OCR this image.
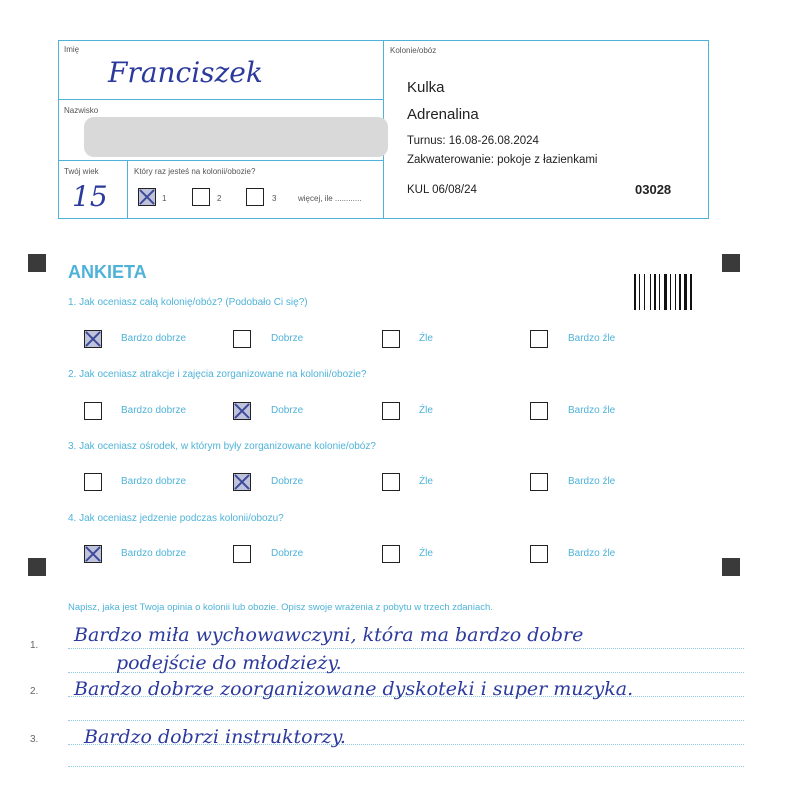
Imię
Franciszek
Nazwisko
Twój wiek
15
Który raz jesteś na kolonii/obozie?
1	2	3	więcej, ile ............
Kolonie/obóz
Kulka
Adrenalina
Turnus: 16.08-26.08.2024
Zakwaterowanie: pokoje z łazienkami
KUL 06/08/24	03028
ANKIETA
1. Jak oceniasz całą kolonię/obóz? (Podobało Ci się?)
Bardzo dobrze	Dobrze	Źle	Bardzo źle
2. Jak oceniasz atrakcje i zajęcia zorganizowane na kolonii/obozie?
Bardzo dobrze	Dobrze	Źle	Bardzo źle
3. Jak oceniasz ośrodek, w którym były zorganizowane kolonie/obóz?
Bardzo dobrze	Dobrze	Źle	Bardzo źle
4. Jak oceniasz jedzenie podczas kolonii/obozu?
Bardzo dobrze	Dobrze	Źle	Bardzo źle
Napisz, jaka jest Twoja opinia o kolonii lub obozie. Opisz swoje wrażenia z pobytu w trzech zdaniach.
1.
2.
3.
Bardzo miła wychowawczyni, która ma bardzo dobre
podejście do młodzieży.
Bardzo dobrze zoorganizowane dyskoteki i super muzyka.
Bardzo dobrzi instruktorzy.
